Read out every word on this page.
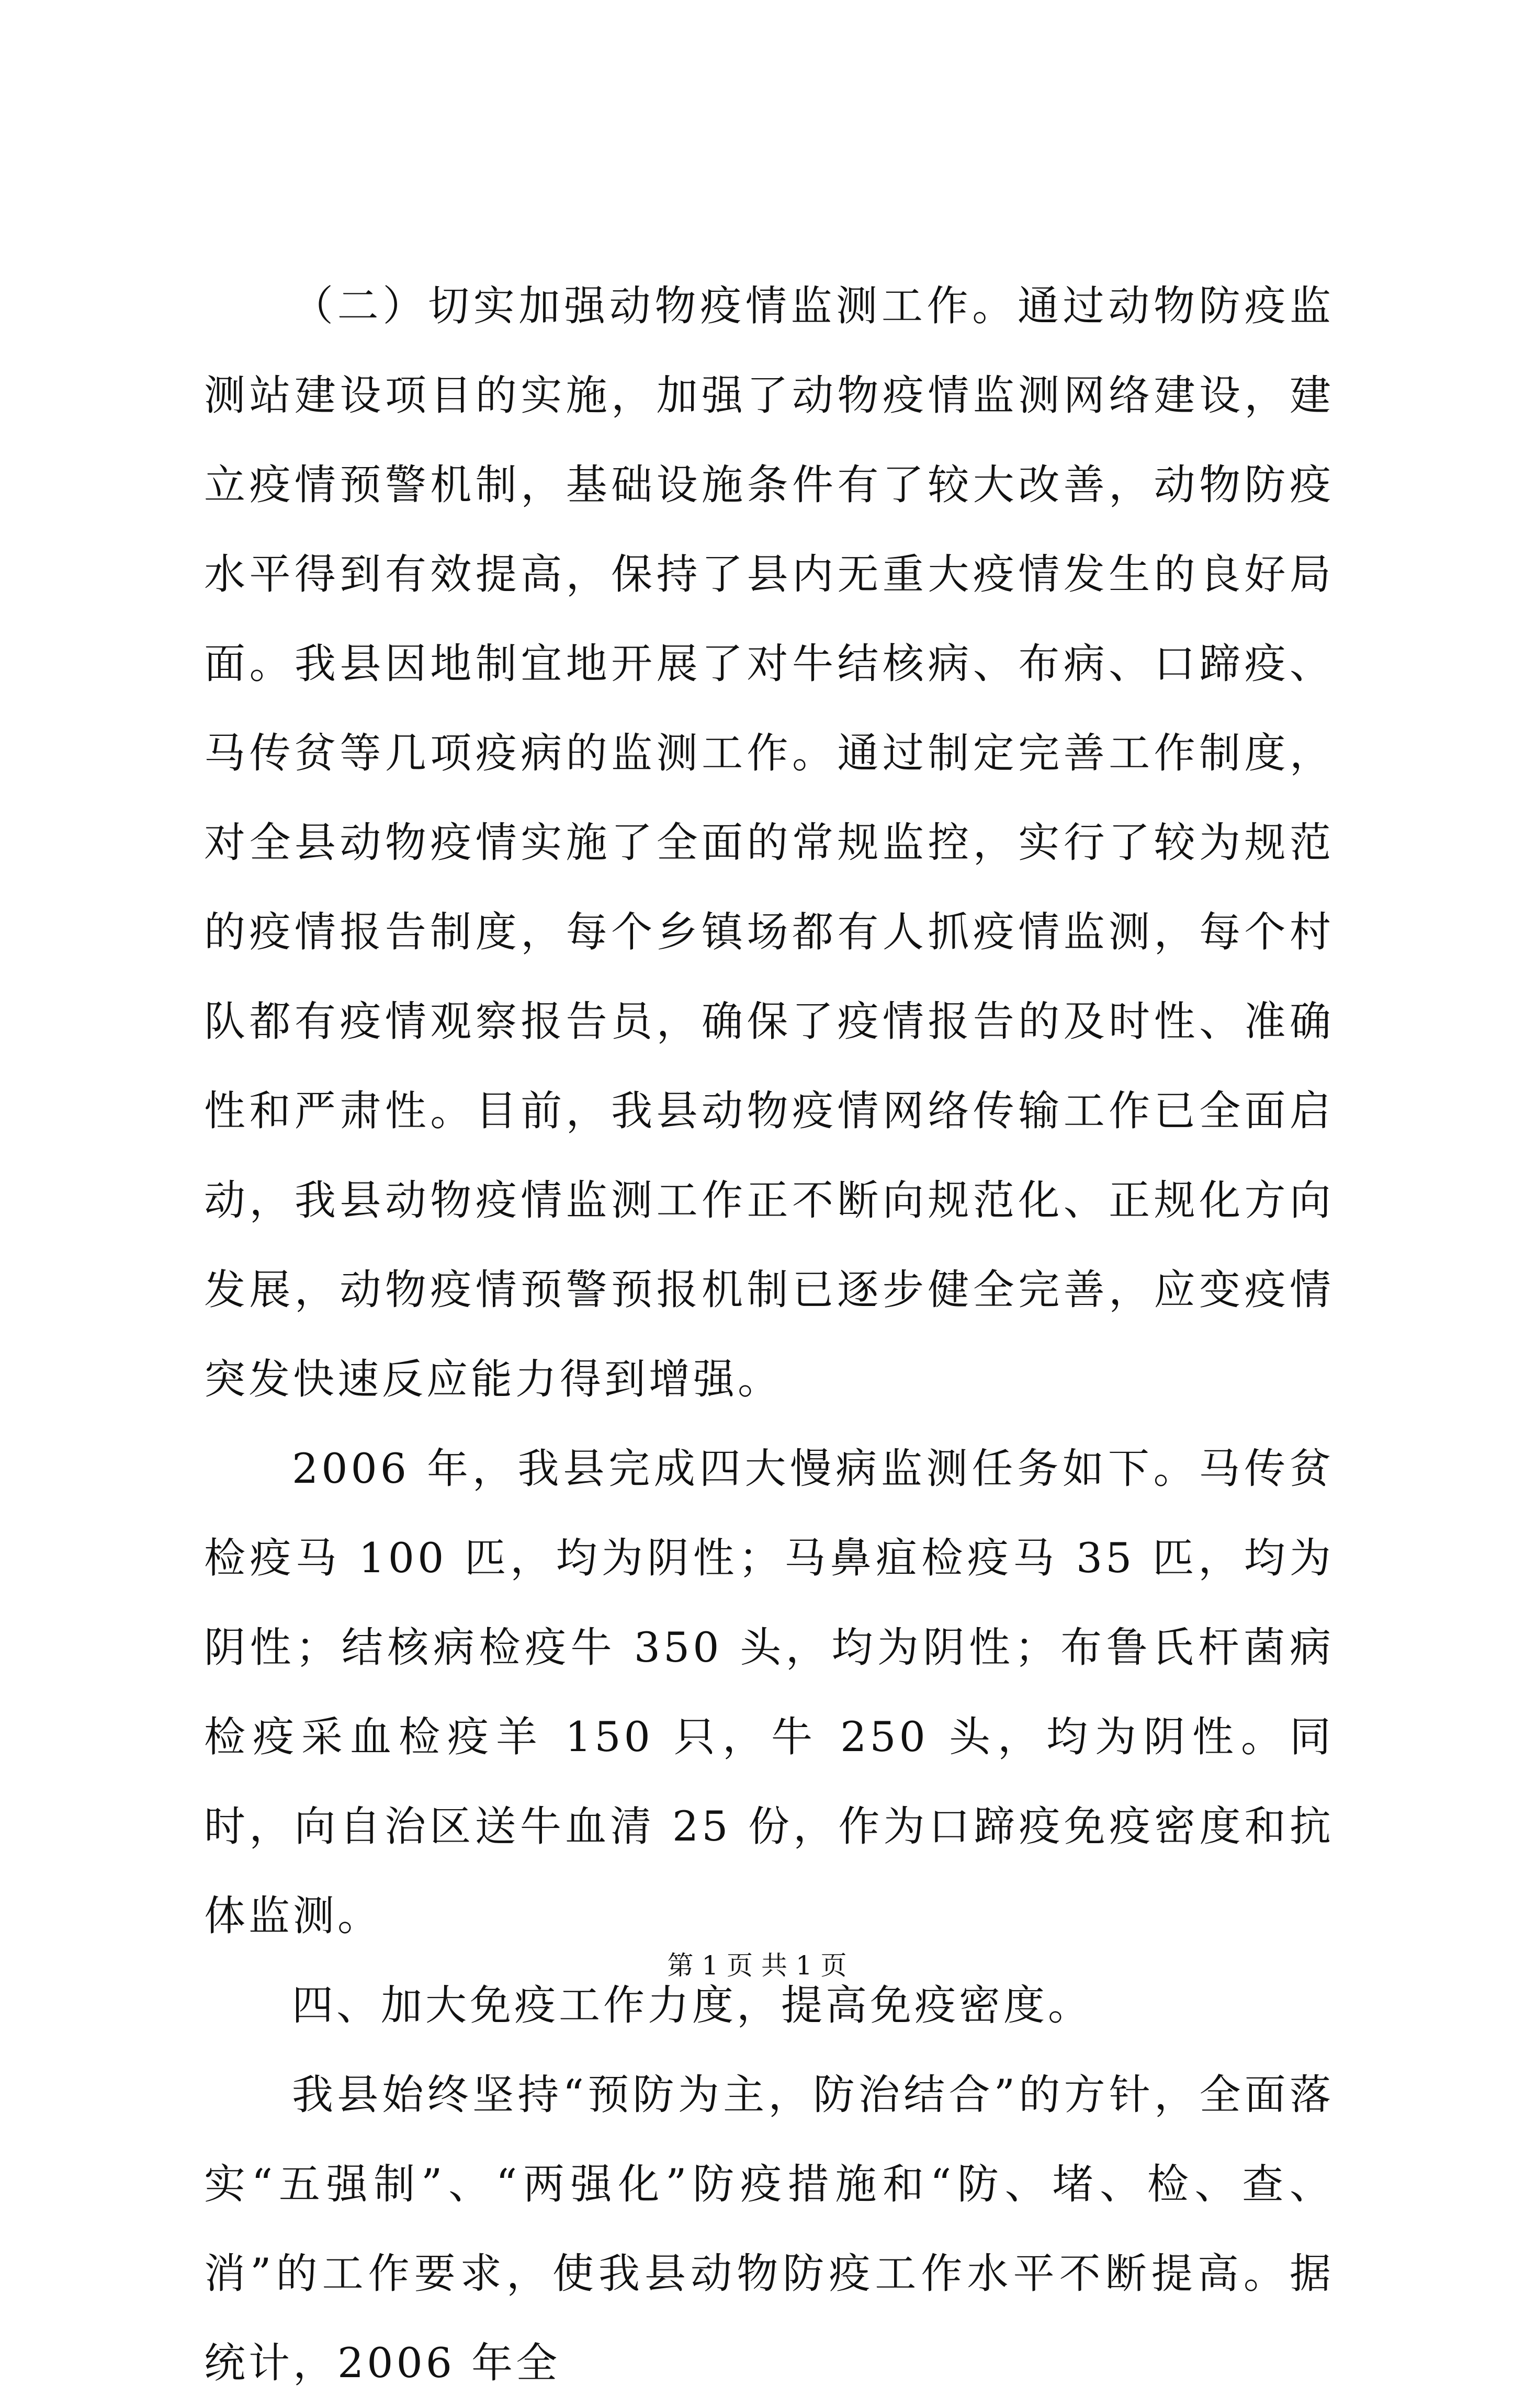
（二）切实加强动物疫情监测工作。通过动物防疫监测站建设项目的实施，加强了动物疫情监测网络建设，建立疫情预警机制，基础设施条件有了较大改善，动物防疫水平得到有效提高，保持了县内无重大疫情发生的良好局面。我县因地制宜地开展了对牛结核病、布病、口蹄疫、马传贫等几项疫病的监测工作。通过制定完善工作制度，对全县动物疫情实施了全面的常规监控，实行了较为规范的疫情报告制度，每个乡镇场都有人抓疫情监测，每个村队都有疫情观察报告员，确保了疫情报告的及时性、准确性和严肃性。目前，我县动物疫情网络传输工作已全面启动，我县动物疫情监测工作正不断向规范化、正规化方向发展，动物疫情预警预报机制已逐步健全完善，应变疫情突发快速反应能力得到增强。

2006 年，我县完成四大慢病监测任务如下。马传贫检疫马 100 匹，均为阴性；马鼻疽检疫马 35 匹，均为阴性；结核病检疫牛 350 头，均为阴性；布鲁氏杆菌病检疫采血检疫羊 150 只，牛 250 头，均为阴性。同时，向自治区送牛血清 25 份，作为口蹄疫免疫密度和抗体监测。

四、加大免疫工作力度，提高免疫密度。

我县始终坚持“预防为主，防治结合”的方针，全面落实“五强制”、“两强化”防疫措施和“防、堵、检、查、消”的工作要求，使我县动物防疫工作水平不断提高。据统计，2006 年全

第 1 页 共 1 页
